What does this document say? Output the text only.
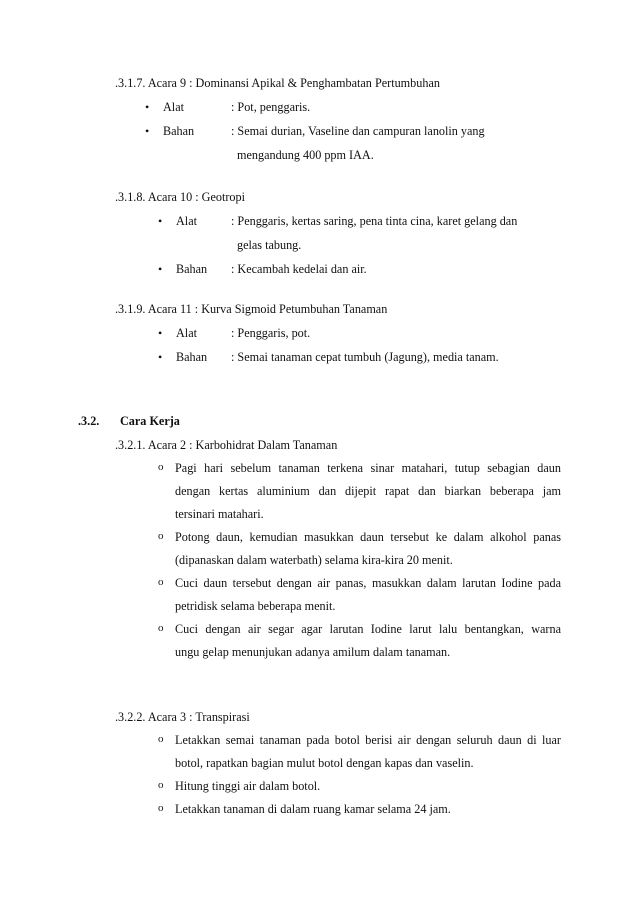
.3.1.7. Acara 9 : Dominansi Apikal & Penghambatan Pertumbuhan
• Alat	: Pot, penggaris.
• Bahan	: Semai durian, Vaseline dan campuran lanolin yang
mengandung 400 ppm IAA.
.3.1.8. Acara 10 : Geotropi
• Alat	: Penggaris, kertas saring, pena tinta cina, karet gelang dan
gelas tabung.
• Bahan : Kecambah kedelai dan air.
.3.1.9. Acara 11 : Kurva Sigmoid Petumbuhan Tanaman
• Alat	: Penggaris, pot.
• Bahan : Semai tanaman cepat tumbuh (Jagung), media tanam.
.3.2. Cara Kerja
.3.2.1. Acara 2 : Karbohidrat Dalam Tanaman
o Pagi hari sebelum tanaman terkena sinar matahari, tutup sebagian daun
dengan kertas aluminium dan dijepit rapat dan biarkan beberapa jam
tersinari matahari.
o Potong daun, kemudian masukkan daun tersebut ke dalam alkohol panas
(dipanaskan dalam waterbath) selama kira-kira 20 menit.
o Cuci daun tersebut dengan air panas, masukkan dalam larutan Iodine pada
petridisk selama beberapa menit.
o Cuci dengan air segar agar larutan Iodine larut lalu bentangkan, warna
ungu gelap menunjukan adanya amilum dalam tanaman.
.3.2.2. Acara 3 : Transpirasi
o Letakkan semai tanaman pada botol berisi air dengan seluruh daun di luar
botol, rapatkan bagian mulut botol dengan kapas dan vaselin.
o Hitung tinggi air dalam botol.
o Letakkan tanaman di dalam ruang kamar selama 24 jam.
